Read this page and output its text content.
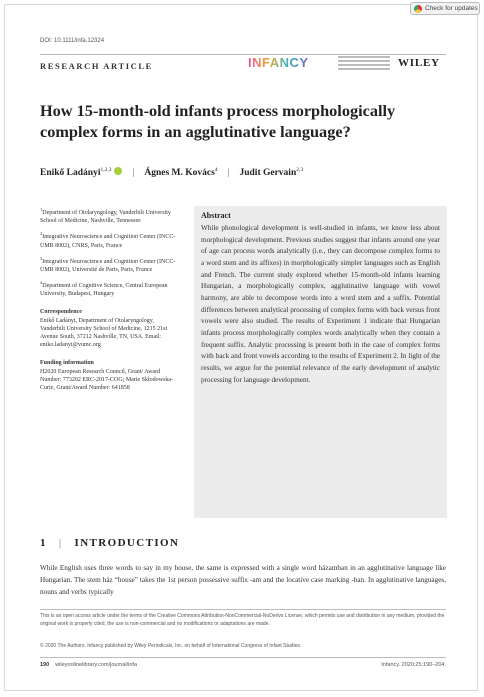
Check for updates
DOI: 10.1111/infa.12324
RESEARCH ARTICLE	INFANCY	WILEY
How 15-month-old infants process morphologically complex forms in an agglutinative language?
Enikő Ladányi$^{1,2,3}$ | Ágnes M. Kovács$^4$ | Judit Gervain$^{2,3}$

$^1$Department of Otolaryngology, Vanderbilt University School of Medicine, Nashville, Tennessee

$^2$Integrative Neuroscience and Cognition Center (INCC-UMR 8002), CNRS, Paris, France

$^3$Integrative Neuroscience and Cognition Center (INCC-UMR 8002), Université de Paris, Paris, France

$^4$Department of Cognitive Science, Central European University, Budapest, Hungary

Correspondence

Enikő Ladányi, Department of Otolaryngology, Vanderbilt University School of Medicine, 1215 21st Avenue South, 37212 Nashville, TN, USA. Email: eniko.ladanyi@vumc.org

Funding information

H2020 European Research Council, Grant/ Award Number: 773202 ERC-2017-COG; Marie Skłodowska-Curie, Grant/Award Number: 641858

Abstract

While phonological development is well-studied in infants, we know less about morphological development. Previous studies suggest that infants around one year of age can process words analytically (i.e., they can decompose complex forms to a word stem and its affixes) in morphologically simpler languages such as English and French. The current study explored whether 15-month-old infants learning Hungarian, a morphologically complex, agglutinative language with vowel harmony, are able to decompose words into a word stem and a suffix. Potential differences between analytical processing of complex forms with back versus front vowels were also studied. The results of Experiment 1 indicate that Hungarian infants process morphologically complex words analytically when they contain a frequent suffix. Analytic processing is present both in the case of complex forms with back and front vowels according to the results of Experiment 2. In light of the results, we argue for the potential relevance of the early development of analytic processing for language development.

1 | INTRODUCTION

While English uses three words to say in my house, the same is expressed with a single word házamban in an agglutinative language like Hungarian. The stem ház “house” takes the 1st person possessive suffix -am and the locative case marking -ban. In agglutinative languages, nouns and verbs typically

This is an open access article under the terms of the Creative Commons Attribution-NonCommercial-NoDerivs License, which permits use and distribution in any medium, provided the original work is properly cited, the use is non-commercial and no modifications or adaptations are made.

© 2020 The Authors. Infancy published by Wiley Periodicals, Inc. on behalf of International Congress of Infant Studies.

190 wileyonlinelibrary.com/journal/infa	Infancy. 2020;25:190–204.
